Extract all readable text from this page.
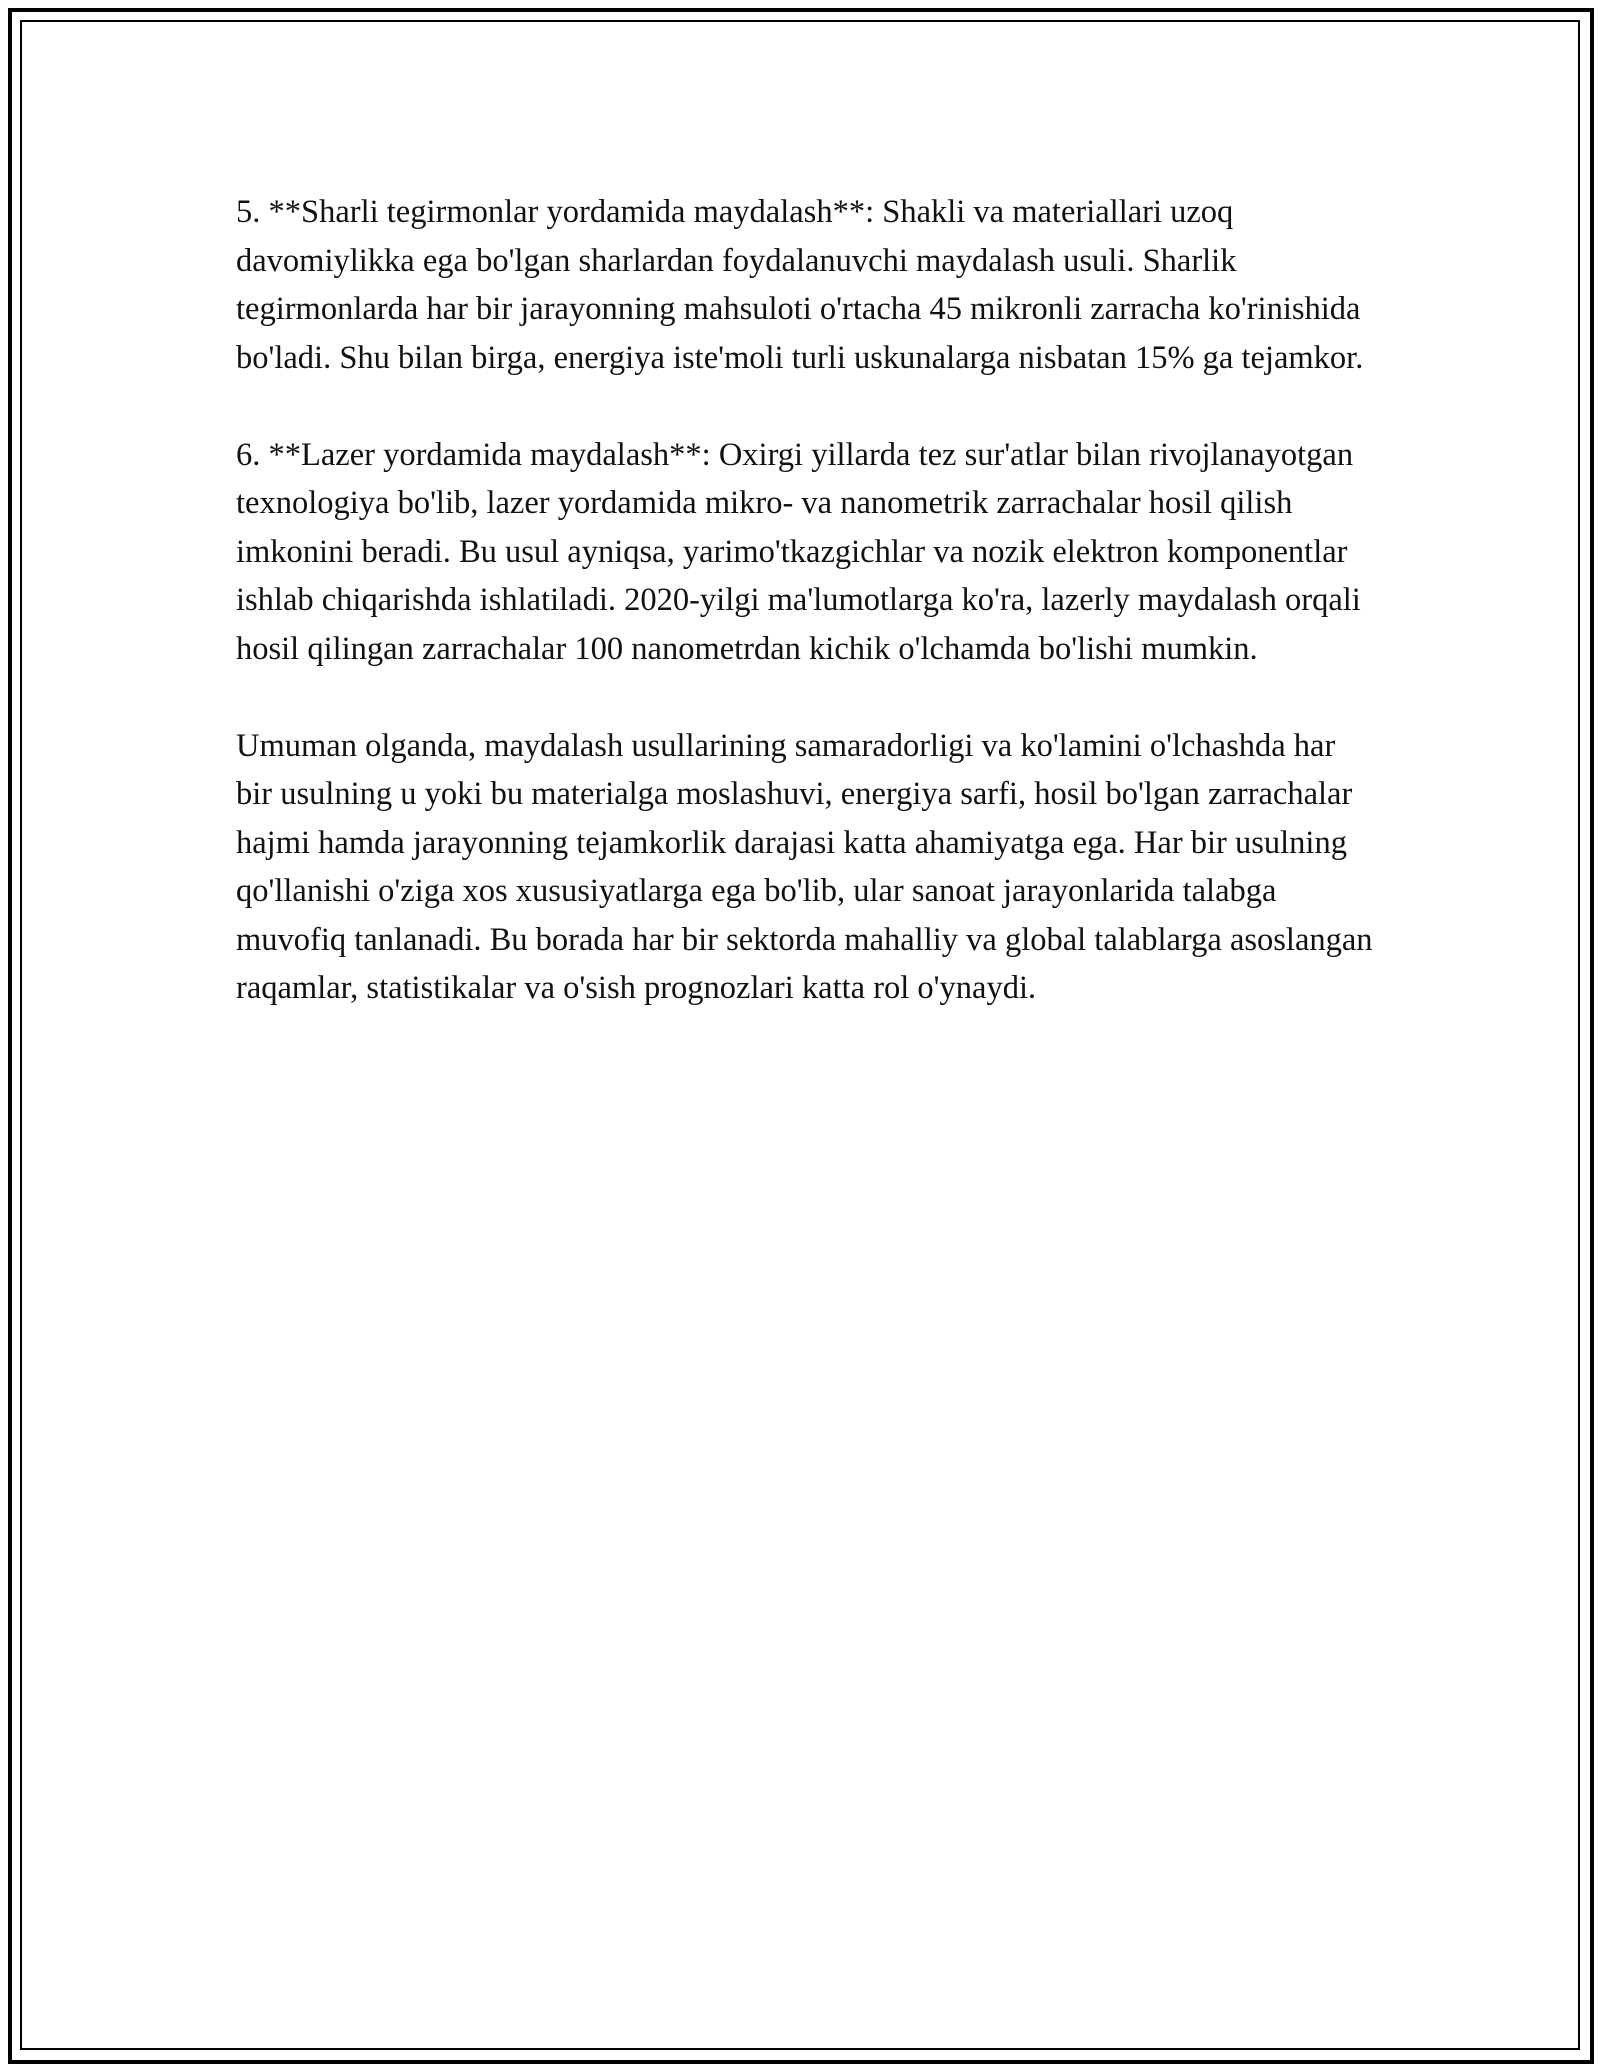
5. **Sharli tegirmonlar yordamida maydalash**: Shakli va materiallari uzoq davomiylikka ega bo'lgan sharlardan foydalanuvchi maydalash usuli. Sharlik tegirmonlarda har bir jarayonning mahsuloti o'rtacha 45 mikronli zarracha ko'rinishida bo'ladi. Shu bilan birga, energiya iste'moli turli uskunalarga nisbatan 15% ga tejamkor.

6. **Lazer yordamida maydalash**: Oxirgi yillarda tez sur'atlar bilan rivojlanayotgan texnologiya bo'lib, lazer yordamida mikro- va nanometrik zarrachalar hosil qilish imkonini beradi. Bu usul ayniqsa, yarimo'tkazgichlar va nozik elektron komponentlar ishlab chiqarishda ishlatiladi. 2020-yilgi ma'lumotlarga ko'ra, lazerly maydalash orqali hosil qilingan zarrachalar 100 nanometrdan kichik o'lchamda bo'lishi mumkin.

Umuman olganda, maydalash usullarining samaradorligi va ko'lamini o'lchashda har bir usulning u yoki bu materialga moslashuvi, energiya sarfi, hosil bo'lgan zarrachalar hajmi hamda jarayonning tejamkorlik darajasi katta ahamiyatga ega. Har bir usulning qo'llanishi o'ziga xos xususiyatlarga ega bo'lib, ular sanoat jarayonlarida talabga muvofiq tanlanadi. Bu borada har bir sektorda mahalliy va global talablarga asoslangan raqamlar, statistikalar va o'sish prognozlari katta rol o'ynaydi.
